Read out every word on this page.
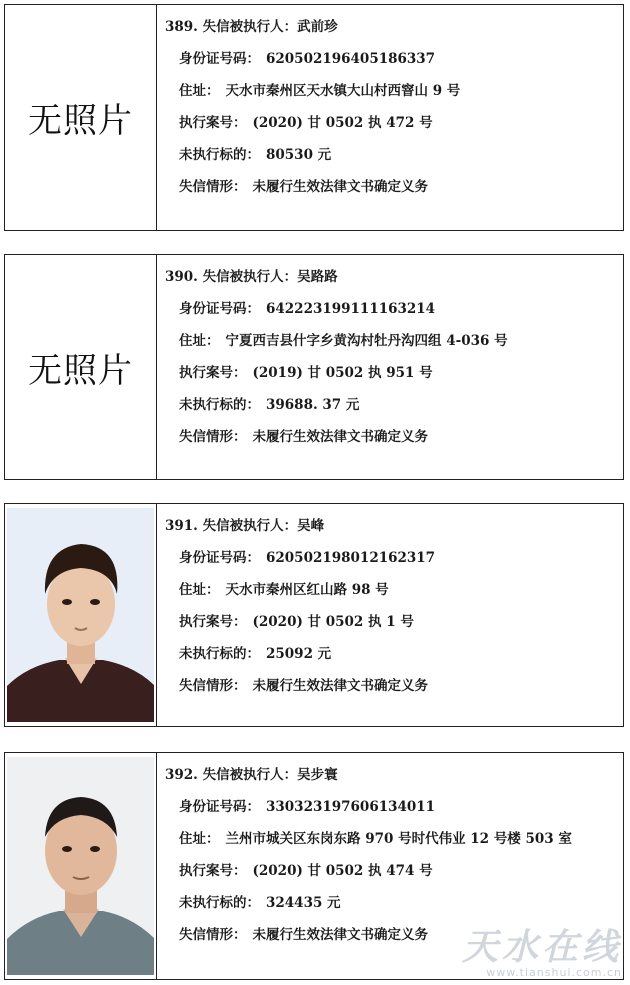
无照片
389. 失信被执行人：武前珍
身份证号码： 620502196405186337
住址： 天水市秦州区天水镇大山村西窨山 9 号
执行案号： (2020) 甘 0502 执 472 号
未执行标的： 80530 元
失信情形： 未履行生效法律文书确定义务
无照片
390. 失信被执行人：吴路路
身份证号码： 642223199111163214
住址： 宁夏西吉县什字乡黄沟村牡丹沟四组 4-036 号
执行案号： (2019) 甘 0502 执 951 号
未执行标的： 39688. 37 元
失信情形： 未履行生效法律文书确定义务
391. 失信被执行人：吴峰
身份证号码： 620502198012162317
住址： 天水市秦州区红山路 98 号
执行案号： (2020) 甘 0502 执 1 号
未执行标的： 25092 元
失信情形： 未履行生效法律文书确定义务
392. 失信被执行人：吴步寰
身份证号码： 330323197606134011
住址： 兰州市城关区东岗东路 970 号时代伟业 12 号楼 503 室
执行案号： (2020) 甘 0502 执 474 号
未执行标的： 324435 元
失信情形： 未履行生效法律文书确定义务 天水在线
www.tianshui.com.cn
